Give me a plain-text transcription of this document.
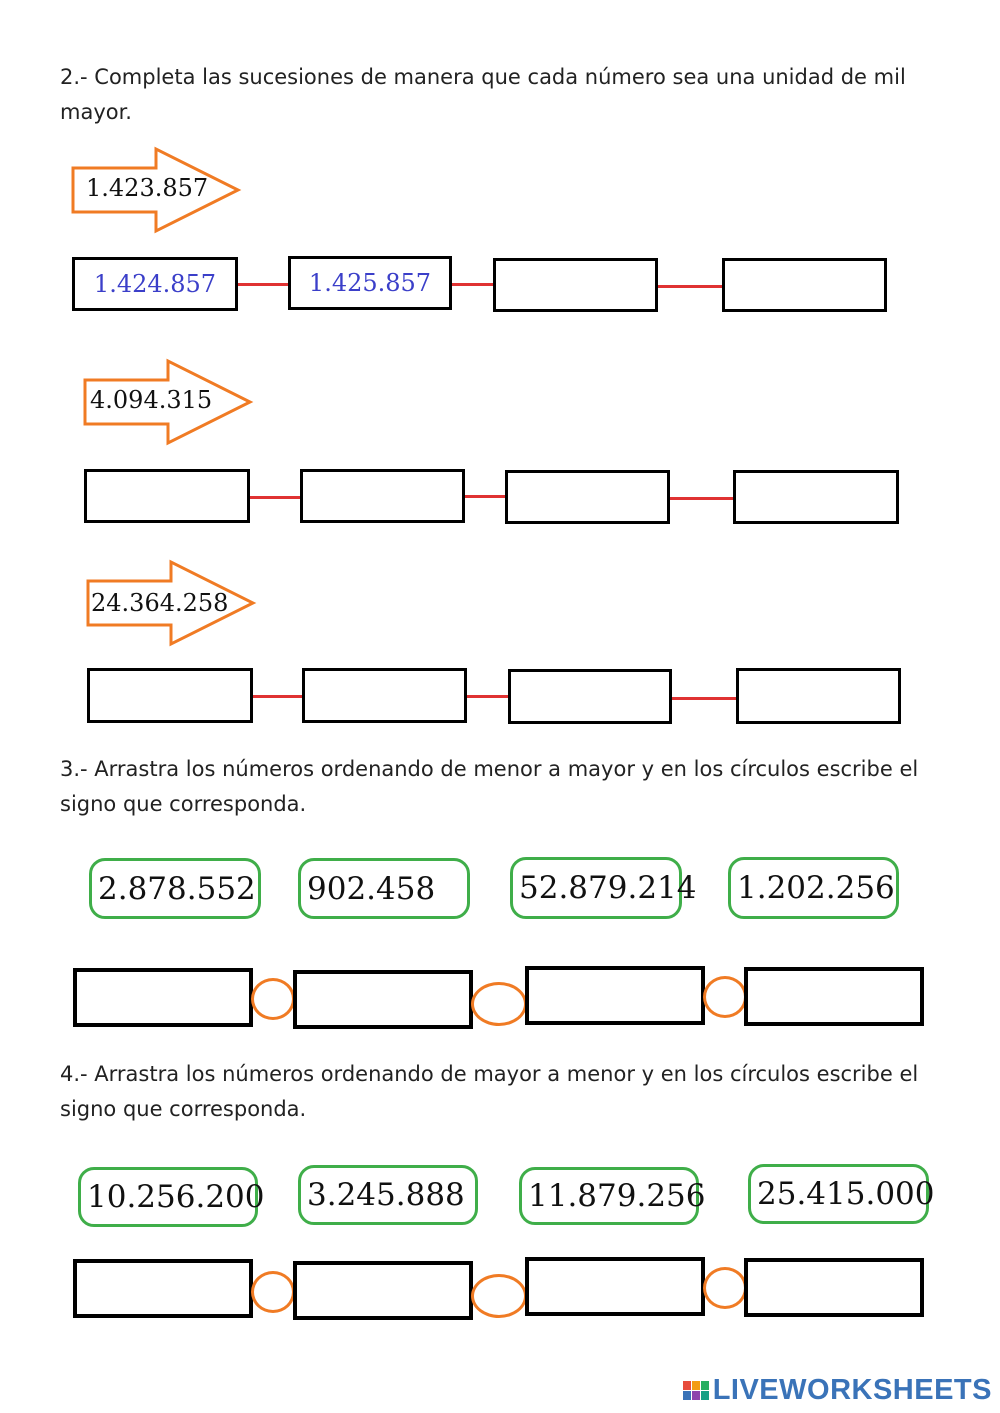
2.- Completa las sucesiones de manera que cada número sea una unidad de mil mayor.
1.423.857
1.424.857	1.425.857
4.094.315
24.364.258
3.- Arrastra los números ordenando de menor a mayor y en los círculos escribe el signo que corresponda.
2.878.552 902.458	52.879.214 1.202.256
4.- Arrastra los números ordenando de mayor a menor y en los círculos escribe el signo que corresponda.
10.256.200 3.245.888 11.879.256 25.415.000
LIVEWORKSHEETS
